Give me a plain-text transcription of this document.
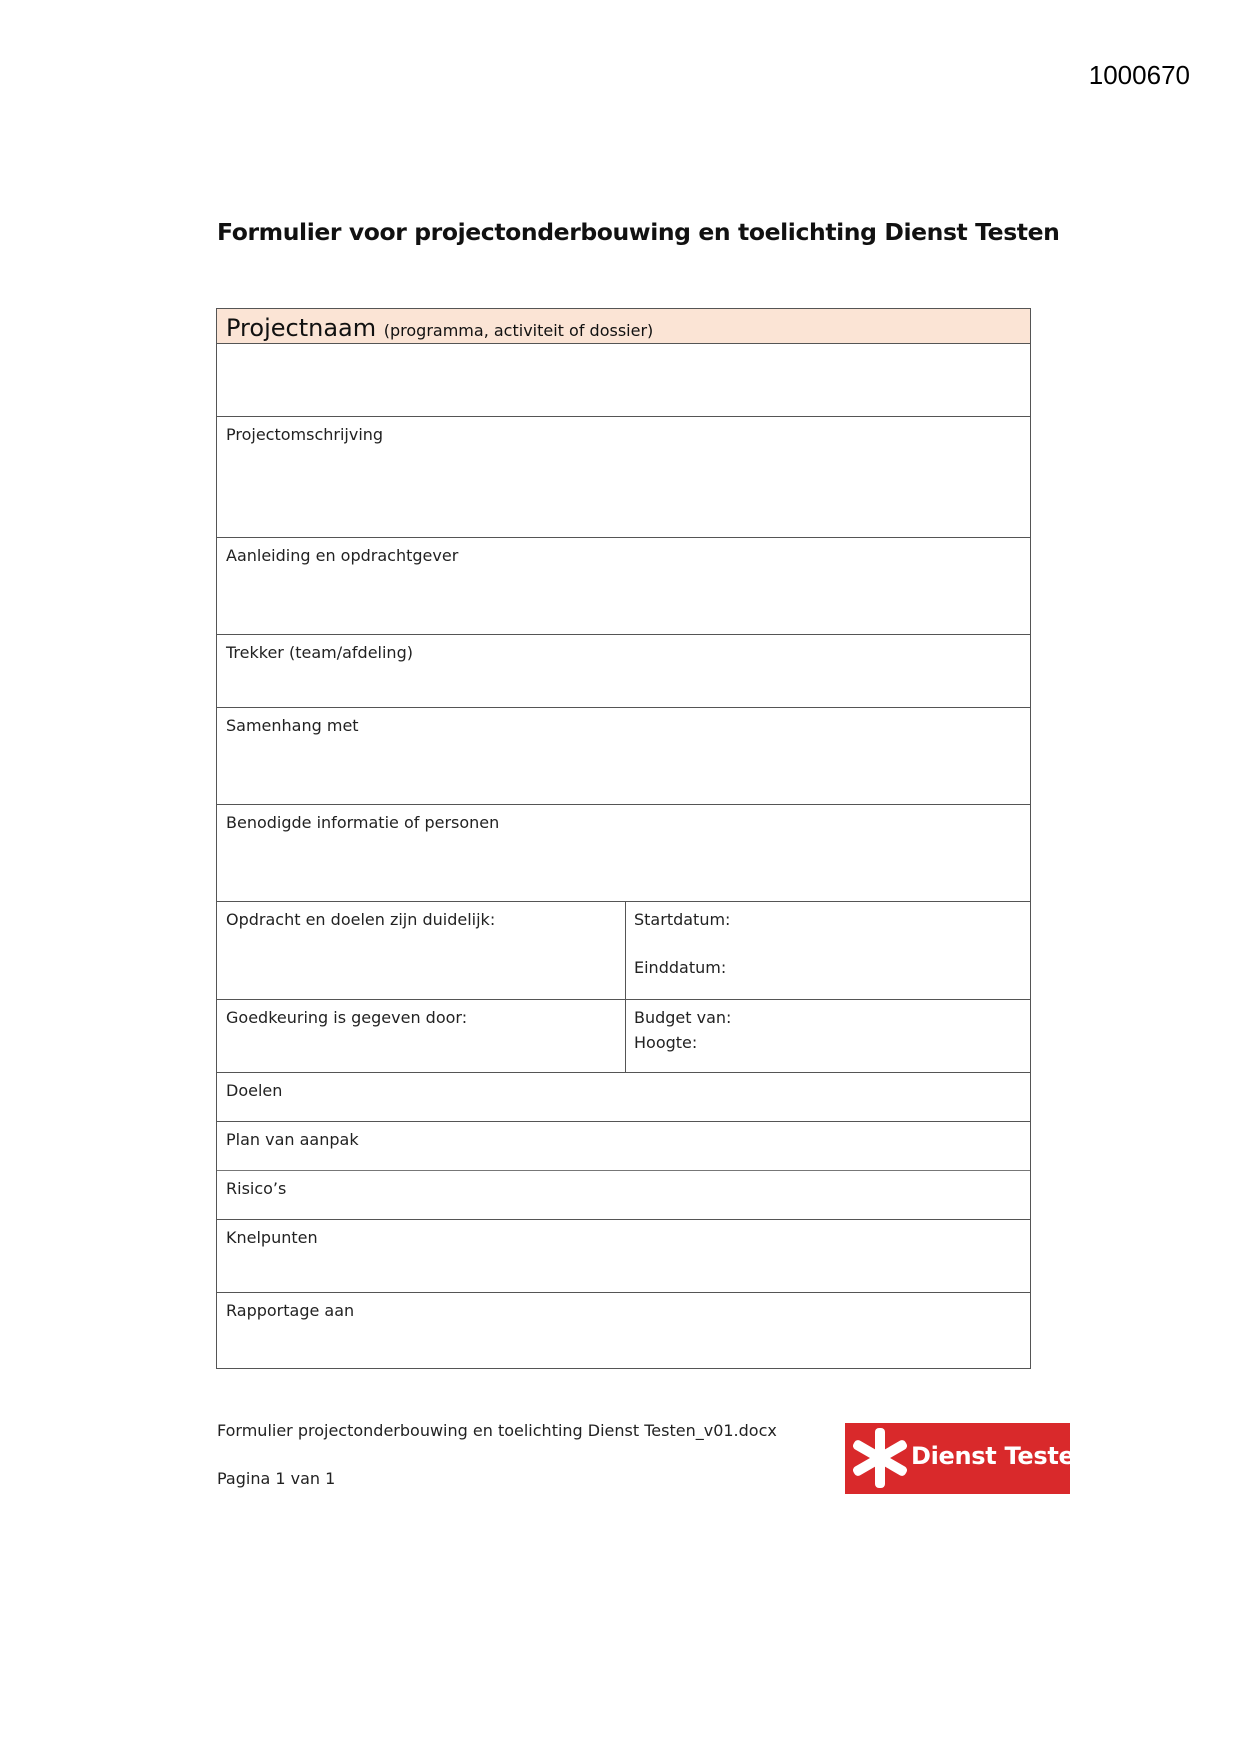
1000670
Formulier voor projectonderbouwing en toelichting Dienst Testen
Projectnaam (programma, activiteit of dossier)
Projectomschrijving
Aanleiding en opdrachtgever
Trekker (team/afdeling)
Samenhang met
Benodigde informatie of personen
Opdracht en doelen zijn duidelijk:	Startdatum:
Einddatum:
Goedkeuring is gegeven door:	Budget van:
Hoogte:
Doelen
Plan van aanpak
Risico’s
Knelpunten
Rapportage aan
Formulier projectonderbouwing en toelichting Dienst Testen_v01.docx
Pagina 1 van 1
Dienst Testen
